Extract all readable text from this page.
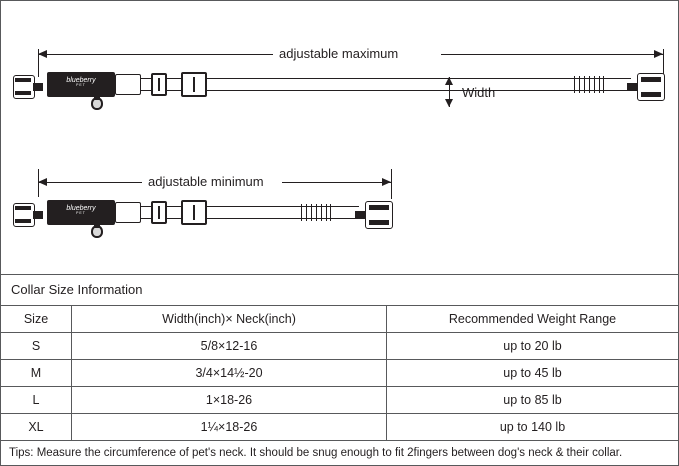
adjustable maximum
blueberry
PET	Width
adjustable minimum
blueberry
PET
Collar Size Information
Size	Width(inch)× Neck(inch)	Recommended Weight Range
S	5/8×12-16	up to 20 lb
M	3/4×14½-20	up to 45 lb
L	1×18-26	up to 85 lb
XL	1¼×18-26	up to 140 lb
Tips: Measure the circumference of pet's neck. It should be snug enough to fit 2fingers between dog's neck & their collar.
